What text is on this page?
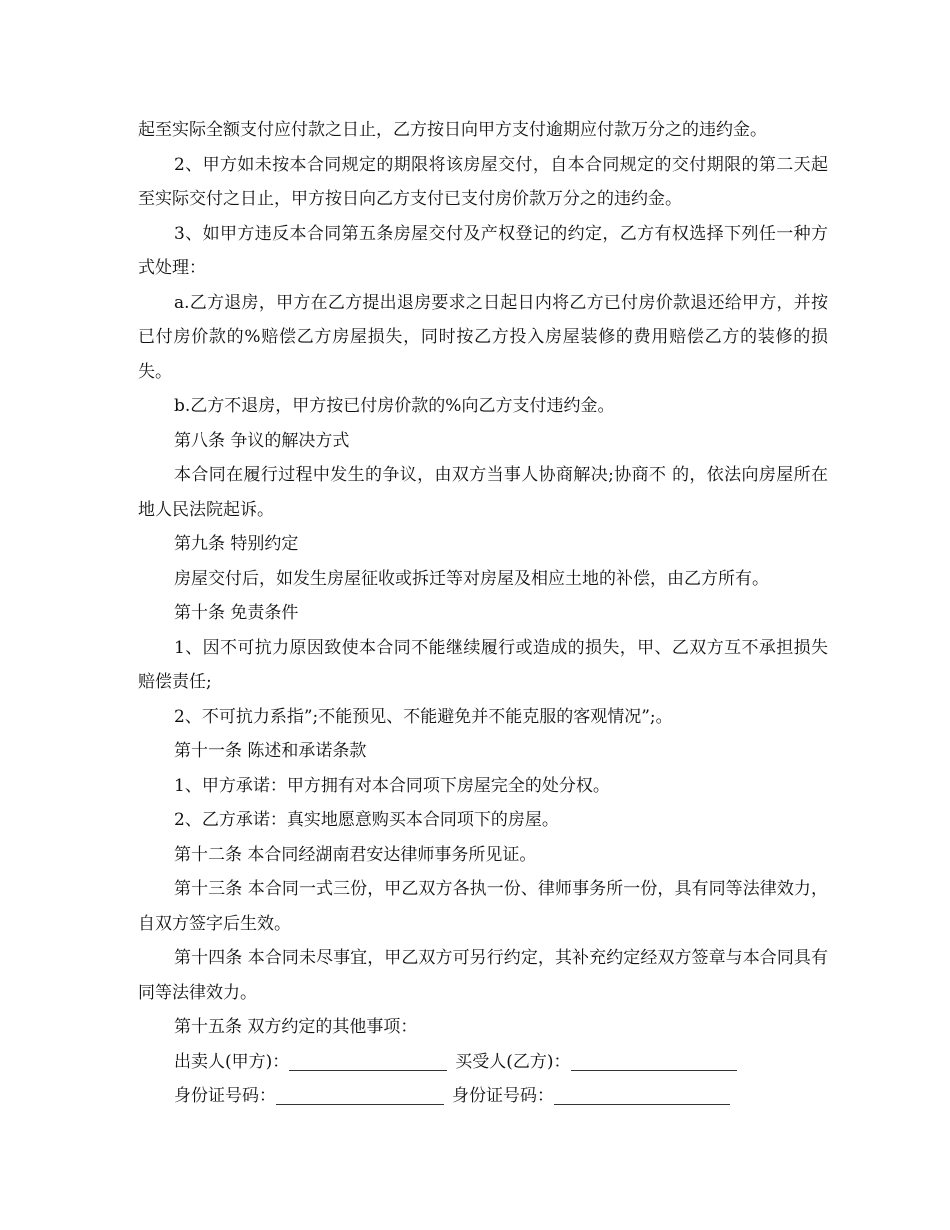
起至实际全额支付应付款之日止，乙方按日向甲方支付逾期应付款万分之的违约金。

2、甲方如未按本合同规定的期限将该房屋交付，自本合同规定的交付期限的第二天起至实际交付之日止，甲方按日向乙方支付已支付房价款万分之的违约金。

3、如甲方违反本合同第五条房屋交付及产权登记的约定，乙方有权选择下列任一种方式处理：

a.乙方退房，甲方在乙方提出退房要求之日起日内将乙方已付房价款退还给甲方，并按已付房价款的%赔偿乙方房屋损失，同时按乙方投入房屋装修的费用赔偿乙方的装修的损失。

b.乙方不退房，甲方按已付房价款的%向乙方支付违约金。

第八条 争议的解决方式

本合同在履行过程中发生的争议，由双方当事人协商解决;协商不 的，依法向房屋所在地人民法院起诉。

第九条 特别约定

房屋交付后，如发生房屋征收或拆迁等对房屋及相应土地的补偿，由乙方所有。

第十条 免责条件

1、因不可抗力原因致使本合同不能继续履行或造成的损失，甲、乙双方互不承担损失赔偿责任;

2、不可抗力系指”;不能预见、不能避免并不能克服的客观情况”;。

第十一条 陈述和承诺条款

1、甲方承诺：甲方拥有对本合同项下房屋完全的处分权。

2、乙方承诺：真实地愿意购买本合同项下的房屋。

第十二条 本合同经湖南君安达律师事务所见证。

第十三条 本合同一式三份，甲乙双方各执一份、律师事务所一份，具有同等法律效力，自双方签字后生效。

第十四条 本合同未尽事宜，甲乙双方可另行约定，其补充约定经双方签章与本合同具有同等法律效力。

第十五条 双方约定的其他事项：

出卖人(甲方)：	买受人(乙方)：

身份证号码：	身份证号码：
